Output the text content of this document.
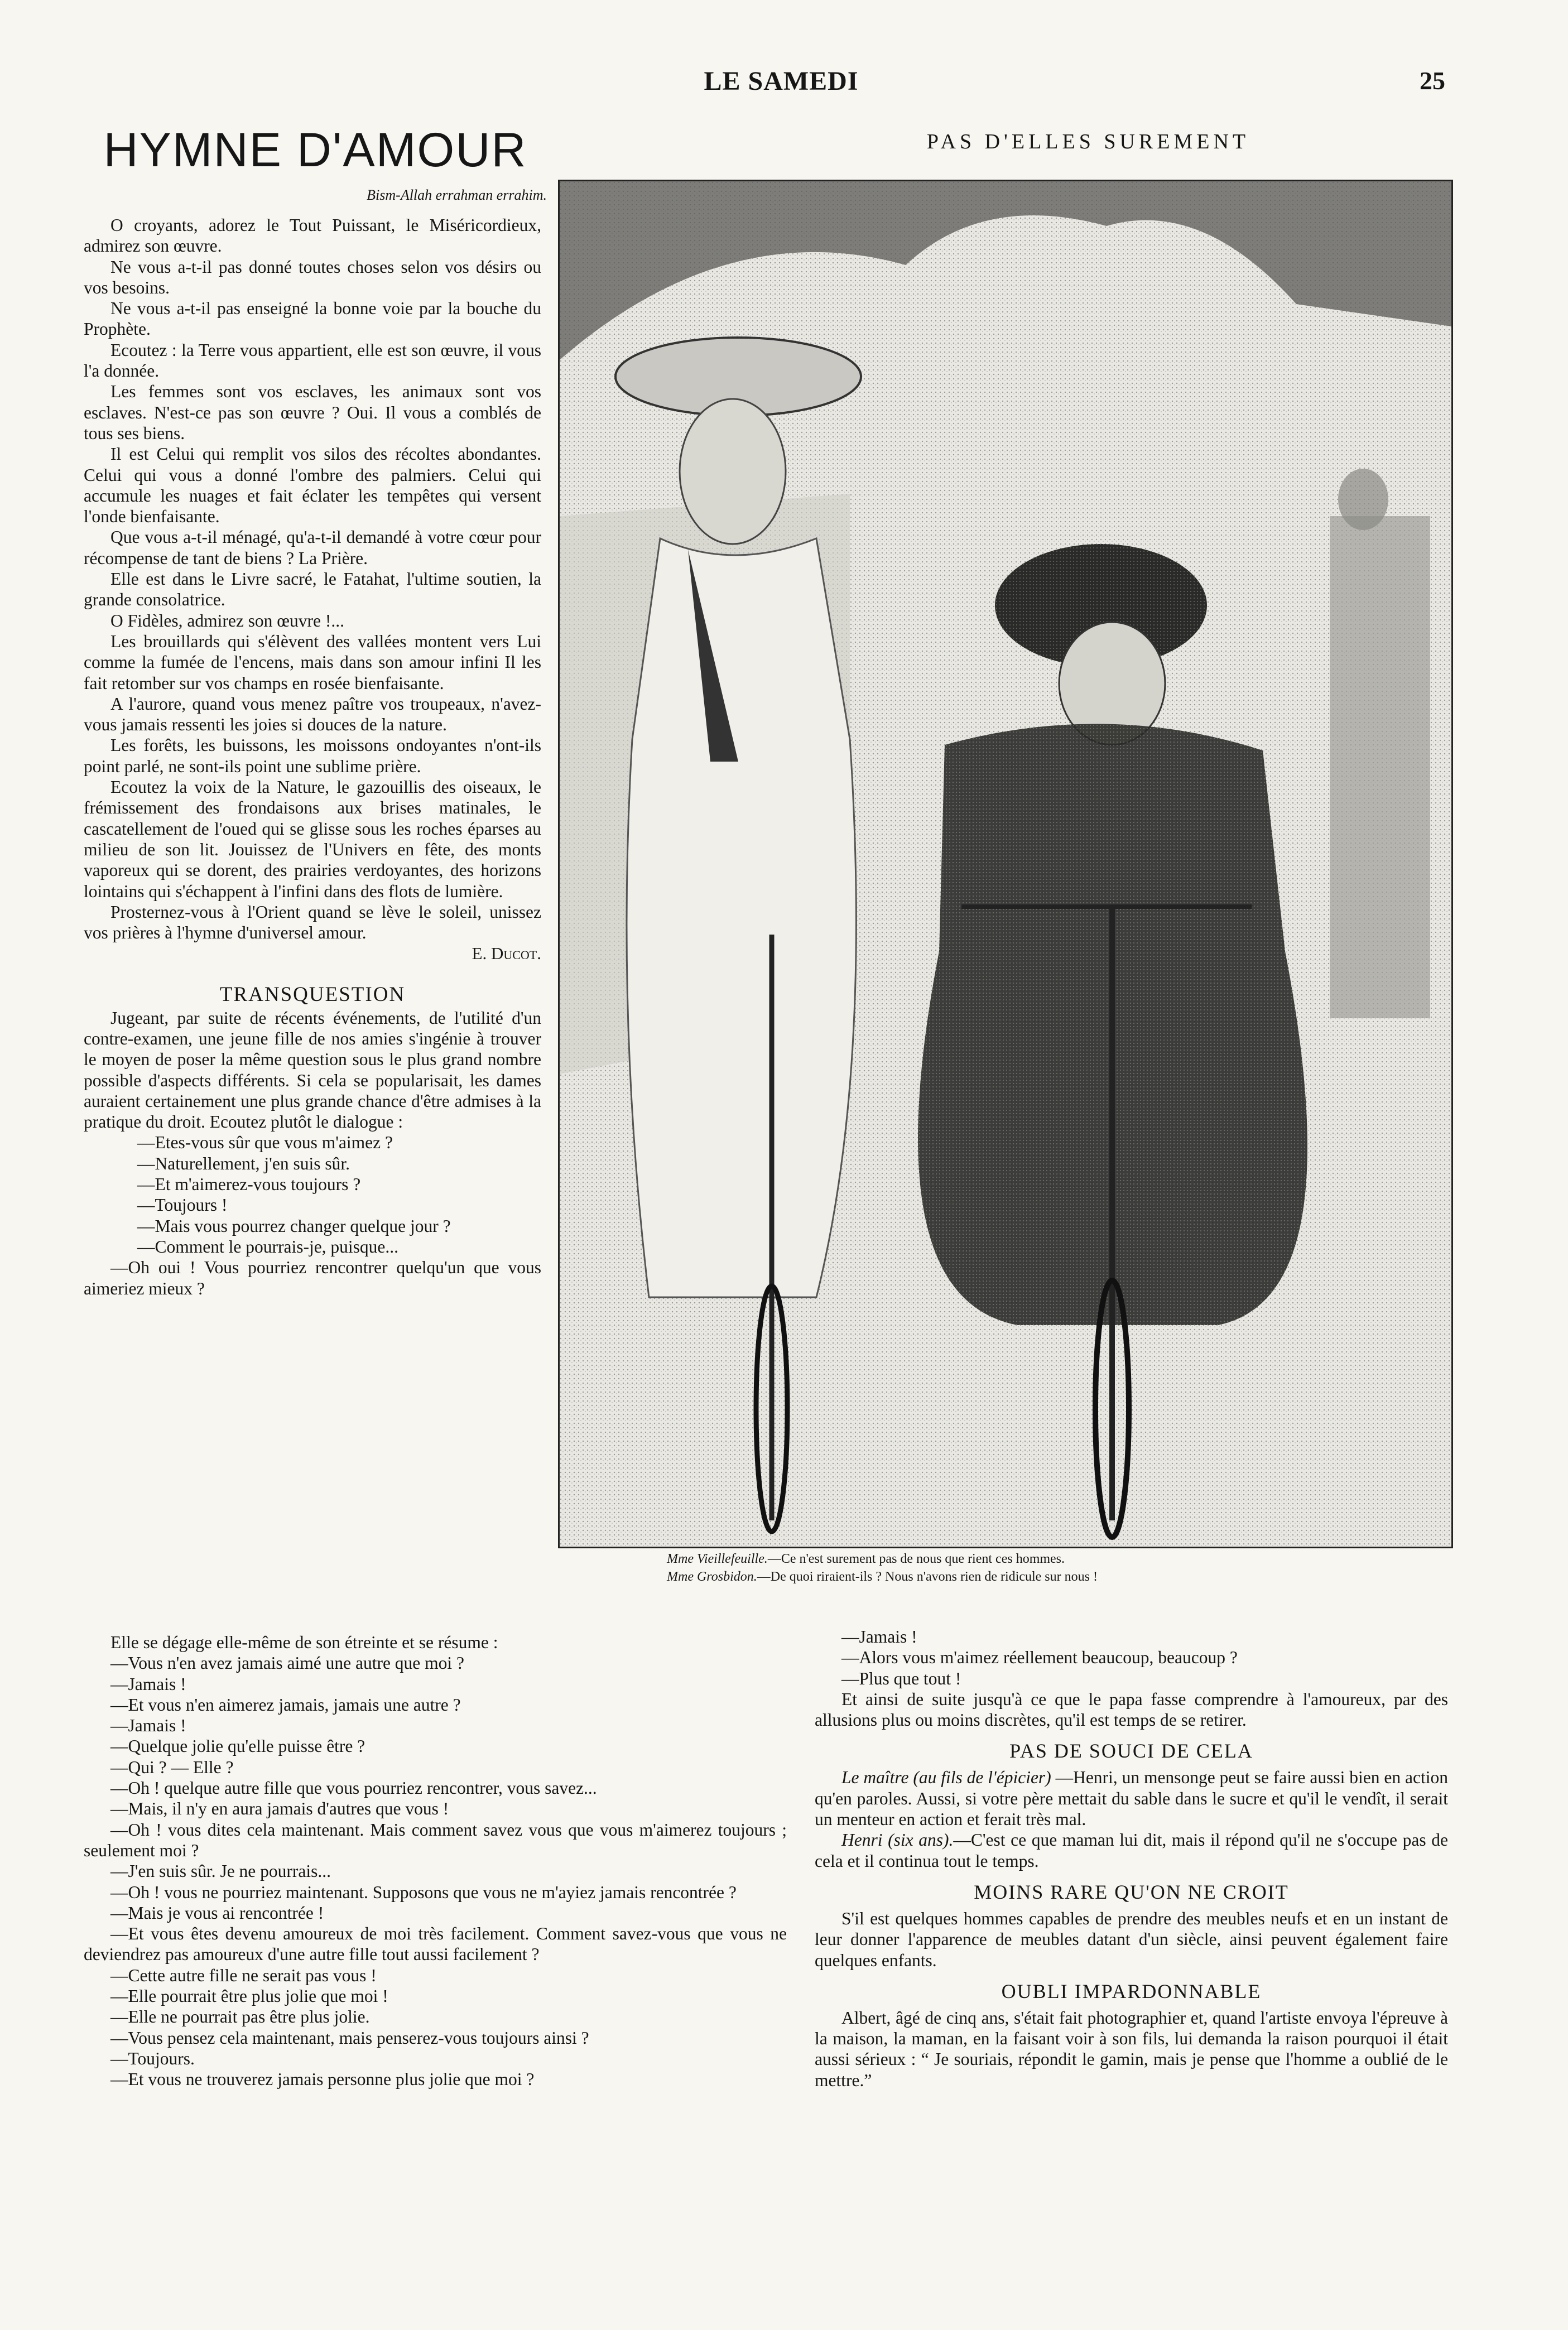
LE SAMEDI	25
HYMNE D'AMOUR
Bism-Allah errahman errahim.

O croyants, adorez le Tout Puissant, le Miséricordieux, admirez son œuvre.

Ne vous a-t-il pas donné toutes choses selon vos désirs ou vos besoins.

Ne vous a-t-il pas enseigné la bonne voie par la bouche du Prophète.

Ecoutez : la Terre vous appartient, elle est son œuvre, il vous l'a donnée.

Les femmes sont vos esclaves, les animaux sont vos esclaves. N'est-ce pas son œuvre ? Oui. Il vous a comblés de tous ses biens.

Il est Celui qui remplit vos silos des récoltes abondantes. Celui qui vous a donné l'ombre des palmiers. Celui qui accumule les nuages et fait éclater les tempêtes qui versent l'onde bienfaisante.

Que vous a-t-il ménagé, qu'a-t-il demandé à votre cœur pour récompense de tant de biens ? La Prière.

Elle est dans le Livre sacré, le Fatahat, l'ultime soutien, la grande consolatrice.

O Fidèles, admirez son œuvre !...

Les brouillards qui s'élèvent des vallées montent vers Lui comme la fumée de l'encens, mais dans son amour infini Il les fait retomber sur vos champs en rosée bienfaisante.

A l'aurore, quand vous menez paître vos troupeaux, n'avez-vous jamais ressenti les joies si douces de la nature.

Les forêts, les buissons, les moissons ondoyantes n'ont-ils point parlé, ne sont-ils point une sublime prière.

Ecoutez la voix de la Nature, le gazouillis des oiseaux, le frémissement des frondaisons aux brises matinales, le cascatellement de l'oued qui se glisse sous les roches éparses au milieu de son lit. Jouissez de l'Univers en fête, des monts vaporeux qui se dorent, des prairies verdoyantes, des horizons lointains qui s'échappent à l'infini dans des flots de lumière.

Prosternez-vous à l'Orient quand se lève le soleil, unissez vos prières à l'hymne d'universel amour.

E. Ducot.
TRANSQUESTION

Jugeant, par suite de récents événements, de l'utilité d'un contre-examen, une jeune fille de nos amies s'ingénie à trouver le moyen de poser la même question sous le plus grand nombre possible d'aspects différents. Si cela se popularisait, les dames auraient certainement une plus grande chance d'être admises à la pratique du droit. Ecoutez plutôt le dialogue :

—Etes-vous sûr que vous m'aimez ?

—Naturellement, j'en suis sûr.

—Et m'aimerez-vous toujours ?

—Toujours !

—Mais vous pourrez changer quelque jour ?

—Comment le pourrais-je, puisque...

—Oh oui ! Vous pourriez rencontrer quelqu'un que vous aimeriez mieux ?

PAS D'ELLES SUREMENT
Mme Vieillefeuille.—Ce n'est surement pas de nous que rient ces hommes.
Mme Grosbidon.—De quoi riraient-ils ? Nous n'avons rien de ridicule sur nous !

Elle se dégage elle-même de son étreinte et se résume :

—Vous n'en avez jamais aimé une autre que moi ?

—Jamais !

—Et vous n'en aimerez jamais, jamais une autre ?

—Jamais !

—Quelque jolie qu'elle puisse être ?

—Qui ? — Elle ?

—Oh ! quelque autre fille que vous pourriez rencontrer, vous savez...

—Mais, il n'y en aura jamais d'autres que vous !

—Oh ! vous dites cela maintenant. Mais comment savez vous que vous m'aimerez toujours ; seulement moi ?

—J'en suis sûr. Je ne pourrais...

—Oh ! vous ne pourriez maintenant. Supposons que vous ne m'ayiez jamais rencontrée ?

—Mais je vous ai rencontrée !

—Et vous êtes devenu amoureux de moi très facilement. Comment savez-vous que vous ne deviendrez pas amoureux d'une autre fille tout aussi facilement ?

—Cette autre fille ne serait pas vous !

—Elle pourrait être plus jolie que moi !

—Elle ne pourrait pas être plus jolie.

—Vous pensez cela maintenant, mais penserez-vous toujours ainsi ?

—Toujours.

—Et vous ne trouverez jamais personne plus jolie que moi ?

—Jamais !

—Alors vous m'aimez réellement beaucoup, beaucoup ?

—Plus que tout !

Et ainsi de suite jusqu'à ce que le papa fasse comprendre à l'amoureux, par des allusions plus ou moins discrètes, qu'il est temps de se retirer.

PAS DE SOUCI DE CELA

Le maître (au fils de l'épicier) —Henri, un mensonge peut se faire aussi bien en action qu'en paroles. Aussi, si votre père mettait du sable dans le sucre et qu'il le vendît, il serait un menteur en action et ferait très mal.

Henri (six ans).—C'est ce que maman lui dit, mais il répond qu'il ne s'occupe pas de cela et il continua tout le temps.

MOINS RARE QU'ON NE CROIT

S'il est quelques hommes capables de prendre des meubles neufs et en un instant de leur donner l'apparence de meubles datant d'un siècle, ainsi peuvent également faire quelques enfants.

OUBLI IMPARDONNABLE

Albert, âgé de cinq ans, s'était fait photographier et, quand l'artiste envoya l'épreuve à la maison, la maman, en la faisant voir à son fils, lui demanda la raison pourquoi il était aussi sérieux : “ Je souriais, répondit le gamin, mais je pense que l'homme a oublié de le mettre.”
